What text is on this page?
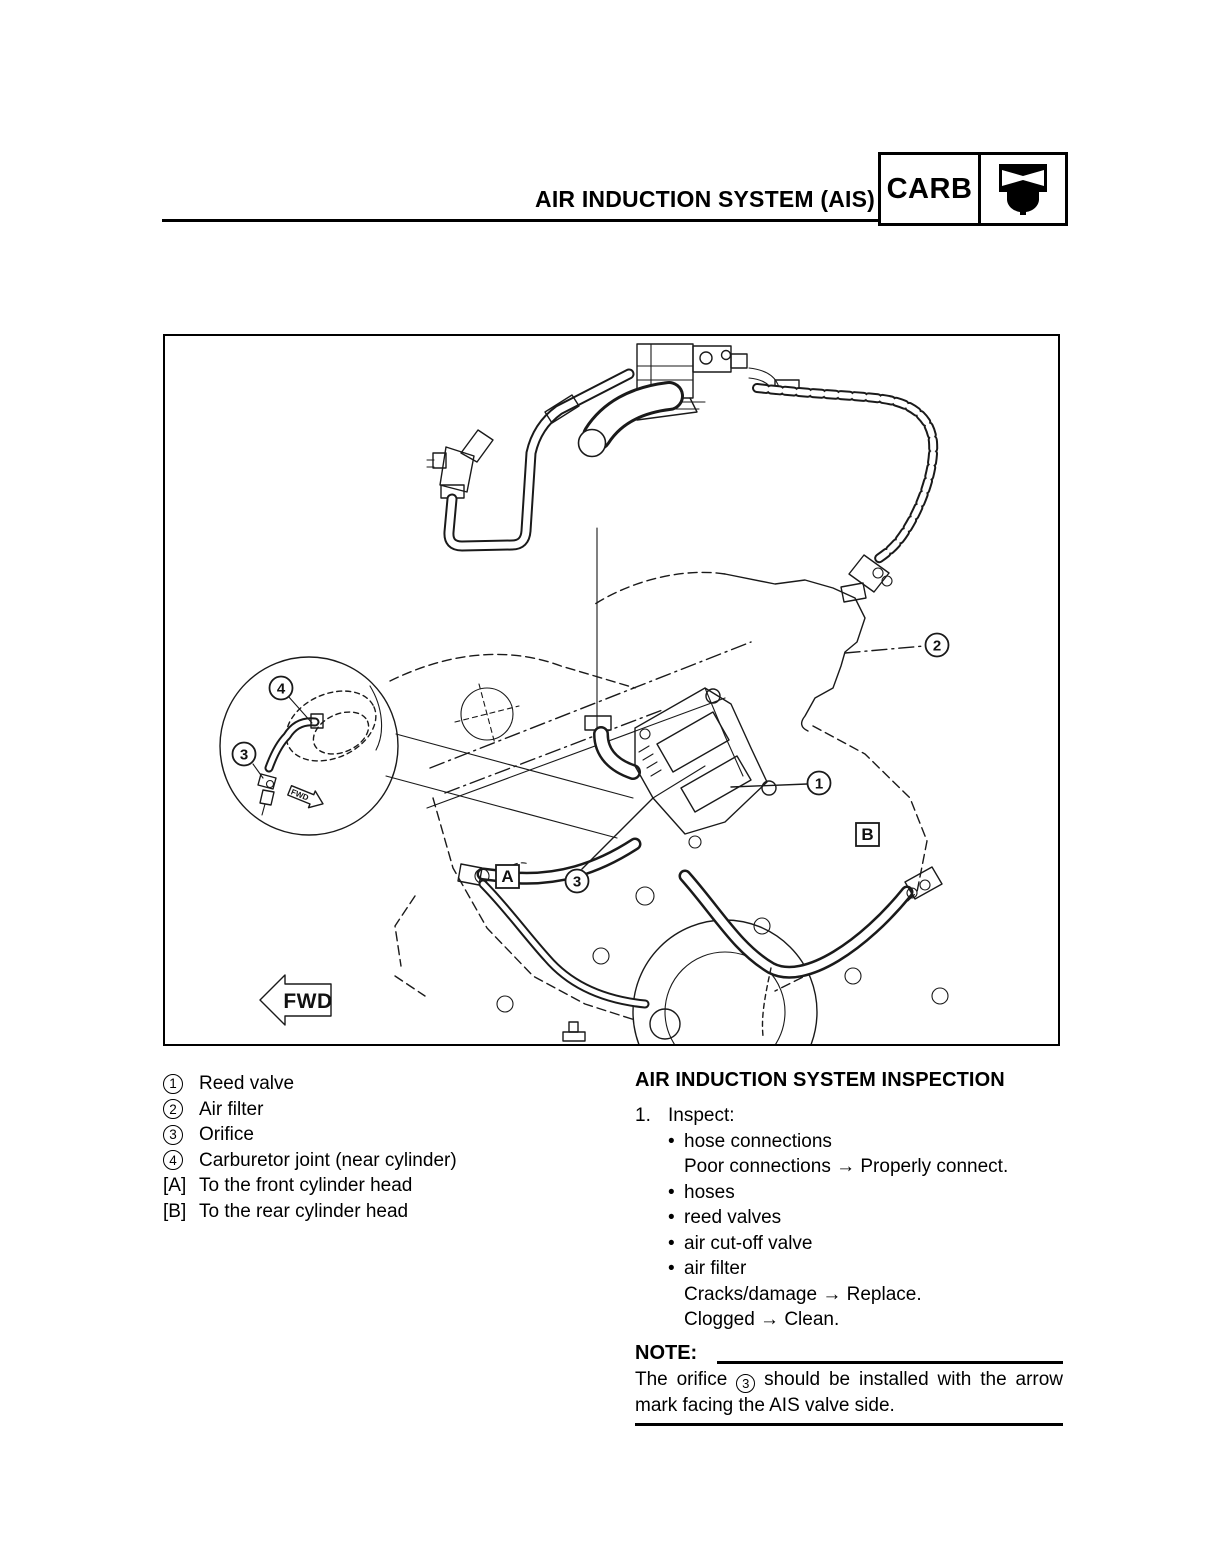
AIR INDUCTION SYSTEM (AIS) CARB
FWD
4
3
1
2
3
A
B
FWD
1	Reed valve
2	Air filter
3	Orifice
4	Carburetor joint (near cylinder)
[A] To the front cylinder head
[B] To the rear cylinder head
AIR INDUCTION SYSTEM INSPECTION
1. Inspect:
• hose connections
Poor connections → Properly connect.
• hoses
• reed valves
• air cut-off valve
• air filter
Cracks/damage → Replace.
Clogged → Clean.
NOTE:

The orifice 3 should be installed with the arrow mark facing the AIS valve side.
